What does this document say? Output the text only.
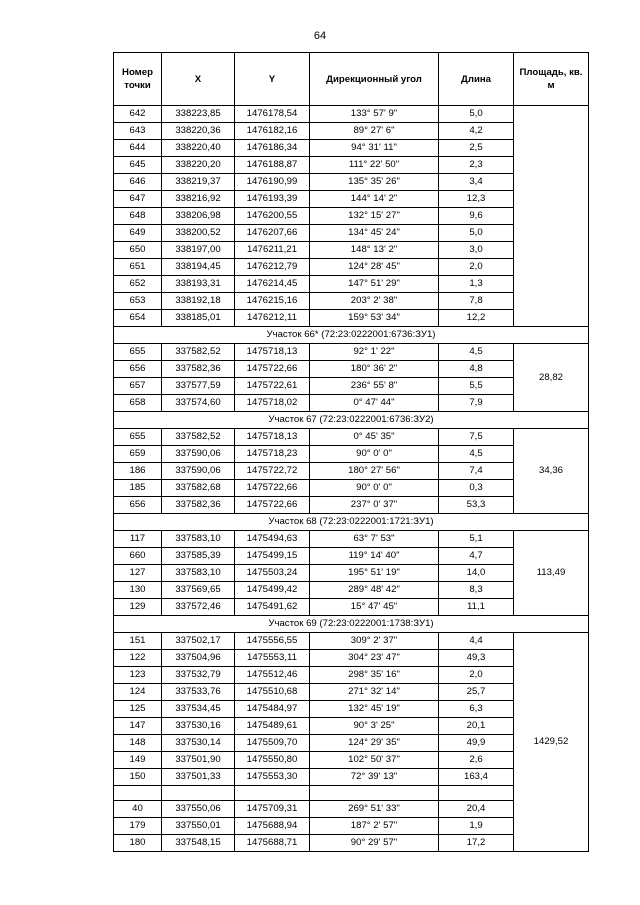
64
Номер точки	X	Y	Дирекционный угол	Длина	Площадь, кв. м
642	338223,85	1476178,54	133° 57' 9"	5,0	
643	338220,36	1476182,16	89° 27' 6"	4,2	
644	338220,40	1476186,34	94° 31' 11"	2,5	
645	338220,20	1476188,87	111° 22' 50"	2,3	
646	338219,37	1476190,99	135° 35' 26"	3,4	
647	338216,92	1476193,39	144° 14' 2"	12,3	
648	338206,98	1476200,55	132° 15' 27"	9,6	
649	338200,52	1476207,66	134° 45' 24"	5,0	
650	338197,00	1476211,21	148° 13' 2"	3,0	
651	338194,45	1476212,79	124° 28' 45"	2,0	
652	338193,31	1476214,45	147° 51' 29"	1,3	
653	338192,18	1476215,16	203° 2' 38"	7,8	
654	338185,01	1476212,11	159° 53' 34"	12,2	
Участок 66* (72:23:0222001:6736:ЗУ1)					
655	337582,52	1475718,13	92° 1' 22"	4,5	28,82
656	337582,36	1475722,66	180° 36' 2"	4,8	
657	337577,59	1475722,61	236° 55' 8"	5,5	
658	337574,60	1475718,02	0° 47' 44"	7,9	
Участок 67 (72:23:0222001:6736:ЗУ2)					
655	337582,52	1475718,13	0° 45' 35"	7,5	34,36
659	337590,06	1475718,23	90° 0' 0"	4,5	
186	337590,06	1475722,72	180° 27' 56"	7,4	
185	337582,68	1475722,66	90° 0' 0"	0,3	
656	337582,36	1475722,66	237° 0' 37"	53,3	
Участок 68 (72:23:0222001:1721:ЗУ1)					
117	337583,10	1475494,63	63° 7' 53"	5,1	113,49
660	337585,39	1475499,15	119° 14' 40"	4,7	
127	337583,10	1475503,24	195° 51' 19"	14,0	
130	337569,65	1475499,42	289° 48' 42"	8,3	
129	337572,46	1475491,62	15° 47' 45"	11,1	
Участок 69 (72:23:0222001:1738:ЗУ1)					
151	337502,17	1475556,55	309° 2' 37"	4,4	1429,52
122	337504,96	1475553,11	304° 23' 47"	49,3	
123	337532,79	1475512,46	298° 35' 16"	2,0	
124	337533,76	1475510,68	271° 32' 14"	25,7	
125	337534,45	1475484,97	132° 45' 19"	6,3	
147	337530,16	1475489,61	90° 3' 25"	20,1	
148	337530,14	1475509,70	124° 29' 35"	49,9	
149	337501,90	1475550,80	102° 50' 37"	2,6	
150	337501,33	1475553,30	72° 39' 13"	163,4	

40	337550,06	1475709,31	269° 51' 33"	20,4	
179	337550,01	1475688,94	187° 2' 57"	1,9	
180	337548,15	1475688,71	90° 29' 57"	17,2	
